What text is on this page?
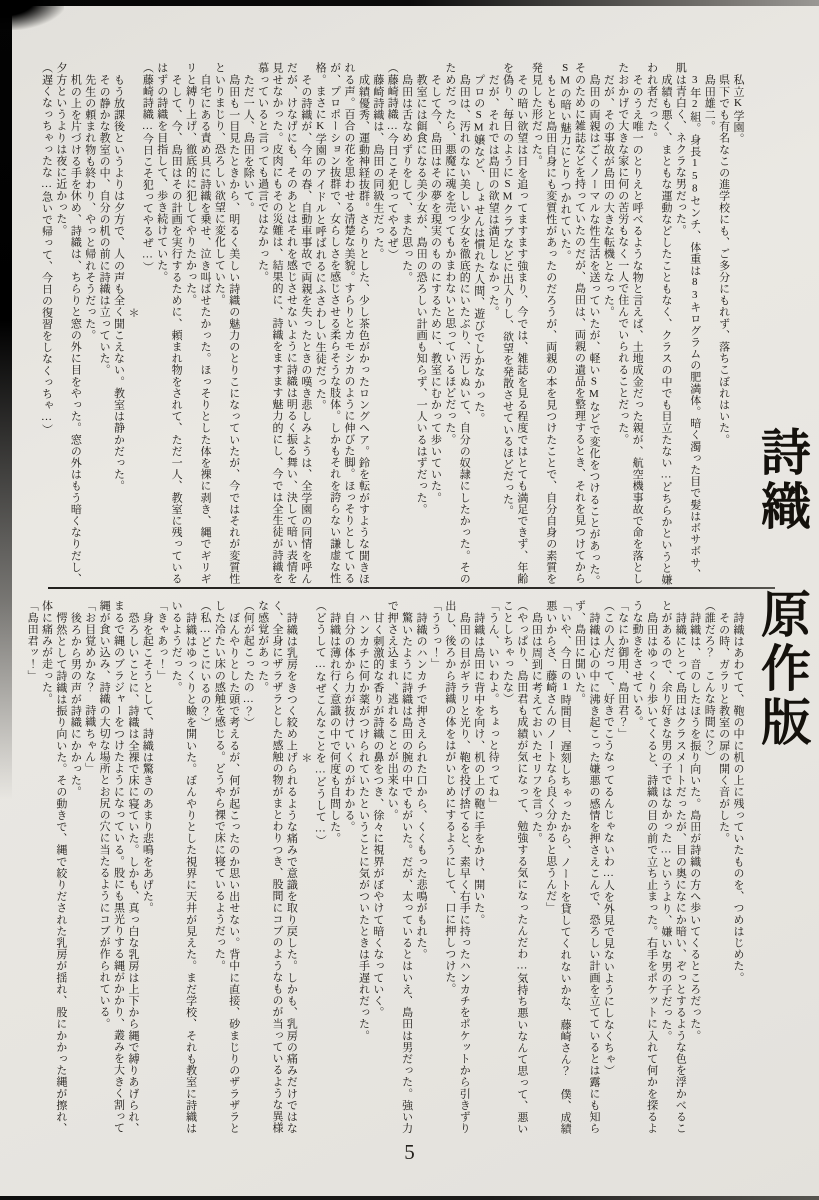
私立K学園。

県下でも有名なこの進学校にも、ご多分にもれず、落ちこぼれはいた。

島田雄二。

3年2組。身長158センチ、体重は83キログラムの肥満体。暗く濁った目で髪はボサボサ、肌は青白く、ネクラな男だった。

成績も悪く、まともな運動などしたこともなく、クラスの中でも目立たない…どちらかというと嫌われ者だった。

そのうえ唯一のとりえと呼べるような物と言えば、土地成金だった親が、航空機事故で命を落としたおかげで大きな家に何の苦労もなく一人で住んでいられることだった。

だが、その事故が島田の大きな転機となった。

島田の両親はごくノーマルな性生活を送っていたが、軽いSMなどで変化をつけることがあった。そのために雑誌などを持っていたのだが、島田は、両親の遺品を整理するとき、それを見つけてからSMの暗い魅力にとりつかれていた。

もともと島田自身にも変質性があったのだろうが、両親の本を見つけたことで、自分自身の素質を発見した形だった。

その暗い欲望は日を追ってますます強まり、今では、雑誌を見る程度ではとても満足できず、年齢を偽り、毎日のようにSMクラブなどに出入りし、欲望を発散させているほどだった。

だが、それでは島田の欲望は満足しなかった。

プロのSM嬢など、しょせんは慣れた人間、遊びでしかなかった。

島田は、汚れのない美しい少女を徹底的にいたぶり、汚しぬいて、自分の奴隷にしたかった。そのためだったら、悪魔に魂を売ってもかまわないと思っているほどだった。

そして今、島田はその夢を現実のものにするために、教室にむかって歩いていた。

教室には餌食になる美少女が、島田の恐ろしい計画も知らず、一人いるはずだった。

島田は舌なめずりをして、また思った。

（藤崎詩織…今日こそ犯ってやるぜ）

藤崎詩織は、島田の同級生だった。

成績優秀、運動神経抜群。さらりとした、少し茶色がかったロングヘア。鈴を転がすような聞きほれる声。百合の花を思わせる清楚な美貌。すらりとカモシカのように伸びた脚。ほっそりとしているが、プロポーション抜群で、女らしさを感じさせる柔らそうな肢体。しかもそれを誇らない謙虚な性格。まさにK学園のアイドルと呼ばれるにふさわしい生徒だった。

その詩織が、今年の春、自動車事故で両親を失ったときの嘆き悲しみようは、全学園の同情を呼んだが、けなげにも、そのあとはそれを感じさせないように詩織は明るく振る舞い、決して暗い表情を見せなかった。皮肉にもその災難は、結果的に、詩織をますます魅力的にし、今では全生徒が詩織を慕っていると言っても過言ではなかった。

ただ一人、島田を除いて。

島田も一目見たときから、明るく美しい詩織の魅力のとりこになっていたが、今ではそれが変質性といりまじり、恐ろしい欲望に変化していた。

自宅にある責め具に詩織を乗せ、泣き叫ばせたかった。ほっそりとした体を裸に剥き、縄でギリギリと縛り上げ、徹底的に犯してやりたかった。

そして、今、島田はその計画を実行するために、頼まれ物をされて、ただ一人、教室に残っているはずの詩織を目指して、歩き続けていた。

（藤崎詩織…今日こそ犯ってやるぜ…）

＊

もう放課後というよりは夕方で、人の声も全く聞こえない。教室は静かだった。

その静かな教室の中、自分の机の前に詩織は立っていた。

先生の頼まれ物も終わり、やっと帰れそうだった。

机の上を片づける手を休め、詩織は、ちらりと窓の外に目をやった。窓の外はもう暗くなりだし、夕方というよりは夜に近かった。

（遅くなっちゃったな…急いで帰って、今日の復習をしなくっちゃ…）

詩織はあわてて、鞄の中に机の上に残っていたものを、つめはじめた。

その時、ガラリと教室の扉の開く音がした。

（誰だろ？　こんな時間に？）

詩織は、音のしたほうを振り向いた。島田が詩織の方へ歩いてくるところだった。

詩織にとって島田はクラスメートだったが、目の奥になにか暗い、ぞっとするような色を浮かべることがあるので、余り好きな男の子ではなかった…というより、嫌いな男の子だった。

島田はゆっくり歩いてくると、詩織の目の前で立ち止まった。右手をポケットに入れて何かを探るような動きをさせている。

「なにか御用、島田君？」

（この人だって、好きでこうなってるんじゃないわ…人を外見で見ないようにしなくちゃ）

詩織は心の中に沸き起こった嫌悪の感情を押さえこんで、恐ろしい計画を立てているとは露にも知らず、島田に聞いた。

「いや、今日の1時間目、遅刻しちゃったから、ノートを貸してくれないかな、藤崎さん？　僕、成績悪いからさ、藤崎さんのノートなら良く分かると思うんだ」

島田は周到に考えておいたセリフを言った。

（やっぱり、島田君も成績が気になって、勉強する気になったんだわ…気持ち悪いなんて思って、悪いことしちゃったな）

「うん、いいわよ。ちょっと待ってね」

詩織は島田に背中を向け、机の上の鞄に手をかけ、開いた。

島田の目がギラリと光り、鞄を投げ捨てると、素早く右手に持ったハンカチをポケットから引きずり出し、後ろから詩織の体をはがいじめにするようにして、口に押しつけた。

「ううっ！」

詩織のハンカチで押さえられた口から、くくもった悲鳴がもれた。

驚いたように詩織は島田の腕の中でもがいた。だが、太っているとはいえ、島田は男だった。強い力で押さえ込まれ、逃れることが出来ない。

甘く刺激的な香りが詩織の鼻をつき、徐々に視界がぼやけて暗くなっていく。

ハンカチに何か薬がつけられていたということに気がついたときは手遅れだった。

自分の体から力が抜けていくのがわかる。

詩織は薄れ行く意識の中で何度も自問した。

（どうして…なぜこんなことを…どうして…）

＊

詩織は乳房をきつく絞め上げられるような痛みで意識を取り戻した。しかも、乳房の痛みだけではなく、全身にザラザラとした感触の物がまとわりつき、股間にコブのようなものが当っているような異様な感覚があった。

（何が起こったの…？）

ぼんやりとした頭で考えるが、何が起こったのか思い出せない。背中に直接、砂まじりのザラザラとした冷たい床の感触を感じる。どうやら裸で床に寝ているようだった。

（私…どこにいるの？）

詩織はゆっくりと瞼を開いた。ぼんやりとした視界に天井が見えた。まだ学校、それも教室に詩織はいるようだった。

「きゃあっ！」

身を起こそうとして、詩織は驚きのあまり悲鳴をあげた。

恐ろしいことに、詩織は全裸で床に寝ていた。しかも、真っ白な乳房は上下から縄で縛りあげられ、まるで縄のブラジャーをつけたようになっている。股にも黒光りする縄がかかり、叢みを大きく割って縄が食い込み、詩織の大切な場所とお尻の穴に当たるようにコブが作られている。

「お目覚めかな？　詩織ちゃん」

後ろから男の声が詩織にかかった。

愕然として詩織は振り向いた。その動きで、縄で絞りだされた乳房が揺れ、股にかかった縄が擦れ、体に痛みが走った。

「島田君ッ！」	詩織　原作版
5
